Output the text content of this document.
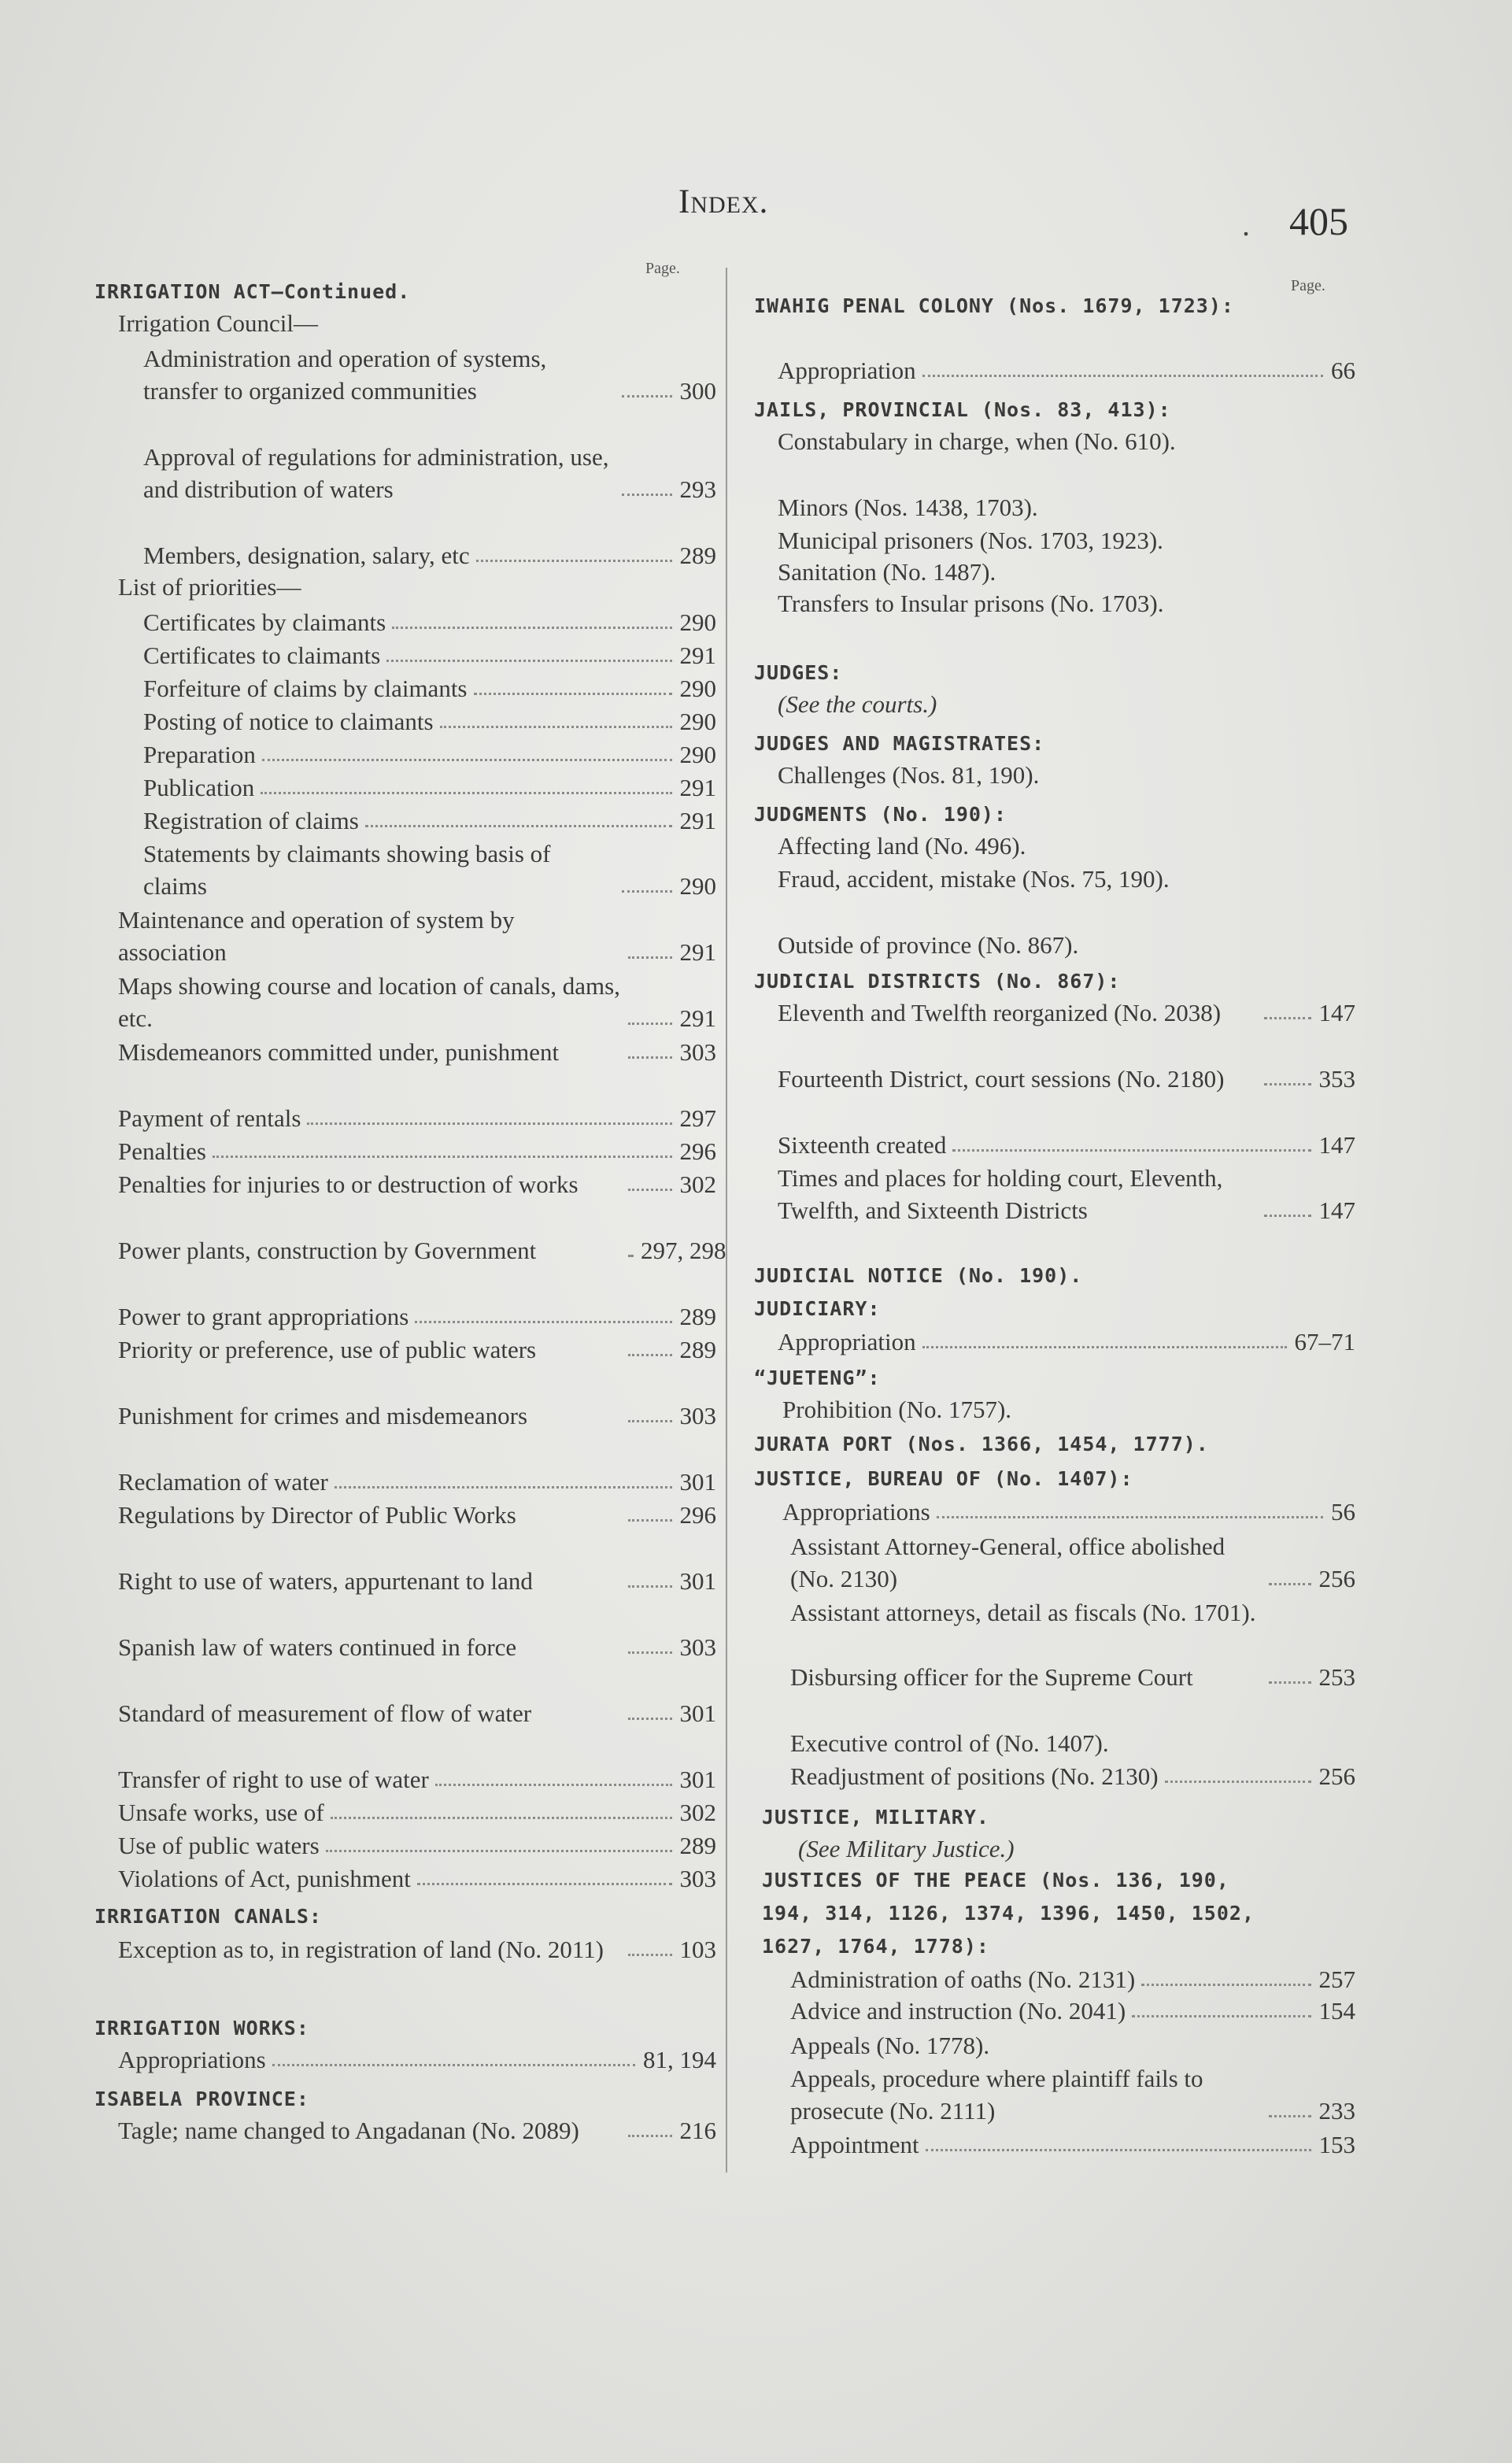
Index.
. 405
Page.
Page.
IRRIGATION ACT—Continued.
Irrigation Council—
Administration and operation of systems, transfer to organized communities	300
Approval of regulations for administration, use, and distribution of waters	293
Members, designation, salary, etc	289
List of priorities—
Certificates by claimants	290
Certificates to claimants	291
Forfeiture of claims by claimants	290
Posting of notice to claimants	290
Preparation	290
Publication	291
Registration of claims	291
Statements by claimants showing basis of claims	290
Maintenance and operation of system by association	291
Maps showing course and location of canals, dams, etc.	291
Misdemeanors committed under, punishment	303
Payment of rentals	297
Penalties	296
Penalties for injuries to or destruction of works	302
Power plants, construction by Government	297, 298
Power to grant appropriations	289
Priority or preference, use of public waters	289
Punishment for crimes and misdemeanors	303
Reclamation of water	301
Regulations by Director of Public Works	296
Right to use of waters, appurtenant to land	301
Spanish law of waters continued in force	303
Standard of measurement of flow of water	301
Transfer of right to use of water	301
Unsafe works, use of	302
Use of public waters	289
Violations of Act, punishment	303
IRRIGATION CANALS:
Exception as to, in registration of land (No. 2011)	103
IRRIGATION WORKS:
Appropriations	81, 194
ISABELA PROVINCE:
Tagle; name changed to Angadanan (No. 2089)	216
IWAHIG PENAL COLONY (Nos. 1679, 1723):
Appropriation	66
JAILS, PROVINCIAL (Nos. 83, 413):
Constabulary in charge, when (No. 610).
Minors (Nos. 1438, 1703).
Municipal prisoners (Nos. 1703, 1923).
Sanitation (No. 1487).
Transfers to Insular prisons (No. 1703).
JUDGES:
(See the courts.)
JUDGES AND MAGISTRATES:
Challenges (Nos. 81, 190).
JUDGMENTS (No. 190):
Affecting land (No. 496).
Fraud, accident, mistake (Nos. 75, 190).
Outside of province (No. 867).
JUDICIAL DISTRICTS (No. 867):
Eleventh and Twelfth reorganized (No. 2038)	147
Fourteenth District, court sessions (No. 2180)	353
Sixteenth created	147
Times and places for holding court, Eleventh, Twelfth, and Sixteenth Districts	147
JUDICIAL NOTICE (No. 190).
JUDICIARY:
Appropriation	67–71
“JUETENG”:
Prohibition (No. 1757).
JURATA PORT (Nos. 1366, 1454, 1777).
JUSTICE, BUREAU OF (No. 1407):
Appropriations	56
Assistant Attorney-General, office abolished (No. 2130)	256
Assistant attorneys, detail as fiscals (No. 1701).
Disbursing officer for the Supreme Court	253
Executive control of (No. 1407).
Readjustment of positions (No. 2130)	256
JUSTICE, MILITARY.
(See Military Justice.)
JUSTICES OF THE PEACE (Nos. 136, 190, 194, 314, 1126, 1374, 1396, 1450, 1502, 1627, 1764, 1778):
Administration of oaths (No. 2131)	257
Advice and instruction (No. 2041)	154
Appeals (No. 1778).
Appeals, procedure where plaintiff fails to prosecute (No. 2111)	233
Appointment	153
